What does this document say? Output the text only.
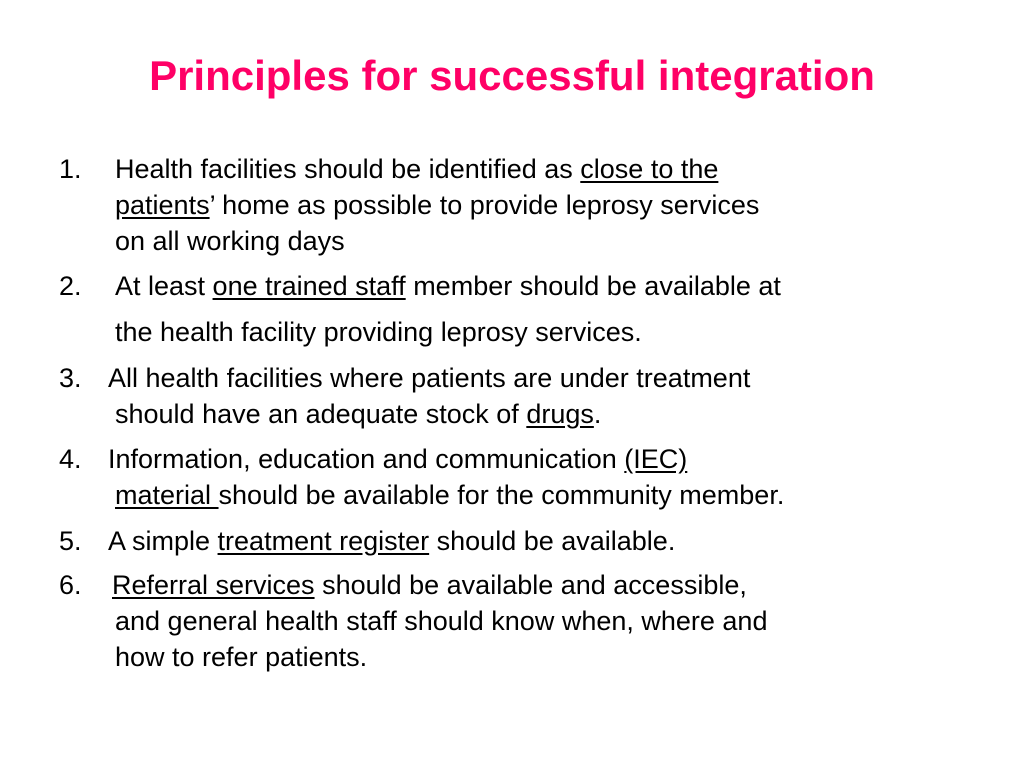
Principles for successful integration
1. Health facilities should be identified as close to the
patients’ home as possible to provide leprosy services
on all working days
2. At least one trained staff member should be available at
the health facility providing leprosy services.
3. All health facilities where patients are under treatment
should have an adequate stock of drugs.
4. Information, education and communication (IEC)
material should be available for the community member.
5. A simple treatment register should be available.
6. Referral services should be available and accessible,
and general health staff should know when, where and
how to refer patients.
